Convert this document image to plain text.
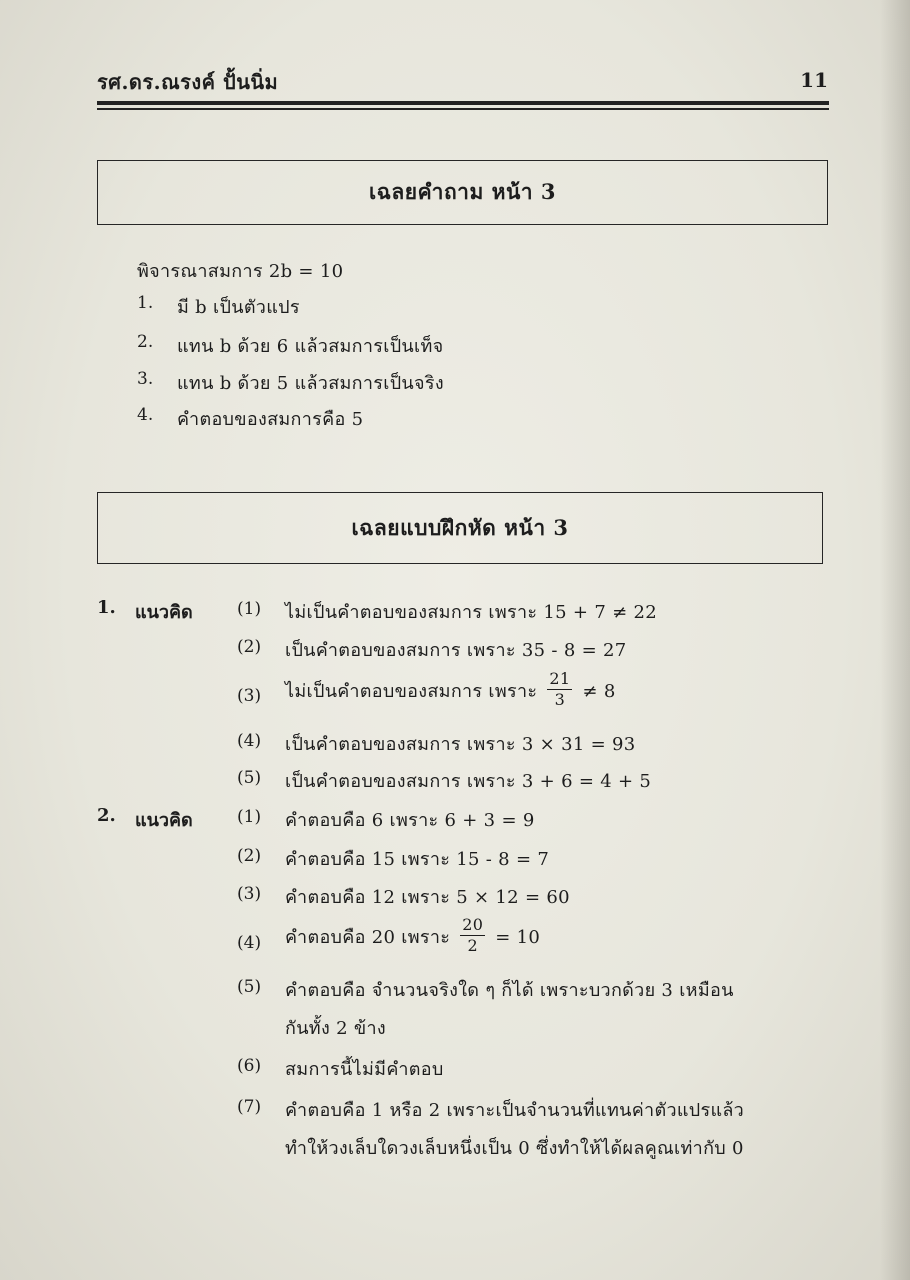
รศ.ดร.ณรงค์ ปั้นนิ่ม	11
เฉลยคำถาม หน้า 3
พิจารณาสมการ 2b = 10
1. มี b เป็นตัวแปร
2. แทน b ด้วย 6 แล้วสมการเป็นเท็จ
3. แทน b ด้วย 5 แล้วสมการเป็นจริง
4. คำตอบของสมการคือ 5
เฉลยแบบฝึกหัด หน้า 3
1. แนวคิด	(1) ไม่เป็นคำตอบของสมการ เพราะ 15 + 7 ≠ 22
(2) เป็นคำตอบของสมการ เพราะ 35 - 8 = 27
(3) ไม่เป็นคำตอบของสมการ เพราะ $\frac{21}{3} \ne 8$
(4) เป็นคำตอบของสมการ เพราะ 3 × 31 = 93
(5) เป็นคำตอบของสมการ เพราะ 3 + 6 = 4 + 5
2. แนวคิด	(1) คำตอบคือ 6 เพราะ 6 + 3 = 9
(2) คำตอบคือ 15 เพราะ 15 - 8 = 7
(3) คำตอบคือ 12 เพราะ 5 × 12 = 60
(4) คำตอบคือ 20 เพราะ $\frac{20}{2} = 10$
(5) คำตอบคือ จำนวนจริงใด ๆ ก็ได้ เพราะบวกด้วย 3 เหมือน
กันทั้ง 2 ข้าง
(6) สมการนี้ไม่มีคำตอบ
(7) คำตอบคือ 1 หรือ 2 เพราะเป็นจำนวนที่แทนค่าตัวแปรแล้ว
ทำให้วงเล็บใดวงเล็บหนึ่งเป็น 0 ซึ่งทำให้ได้ผลคูณเท่ากับ 0
